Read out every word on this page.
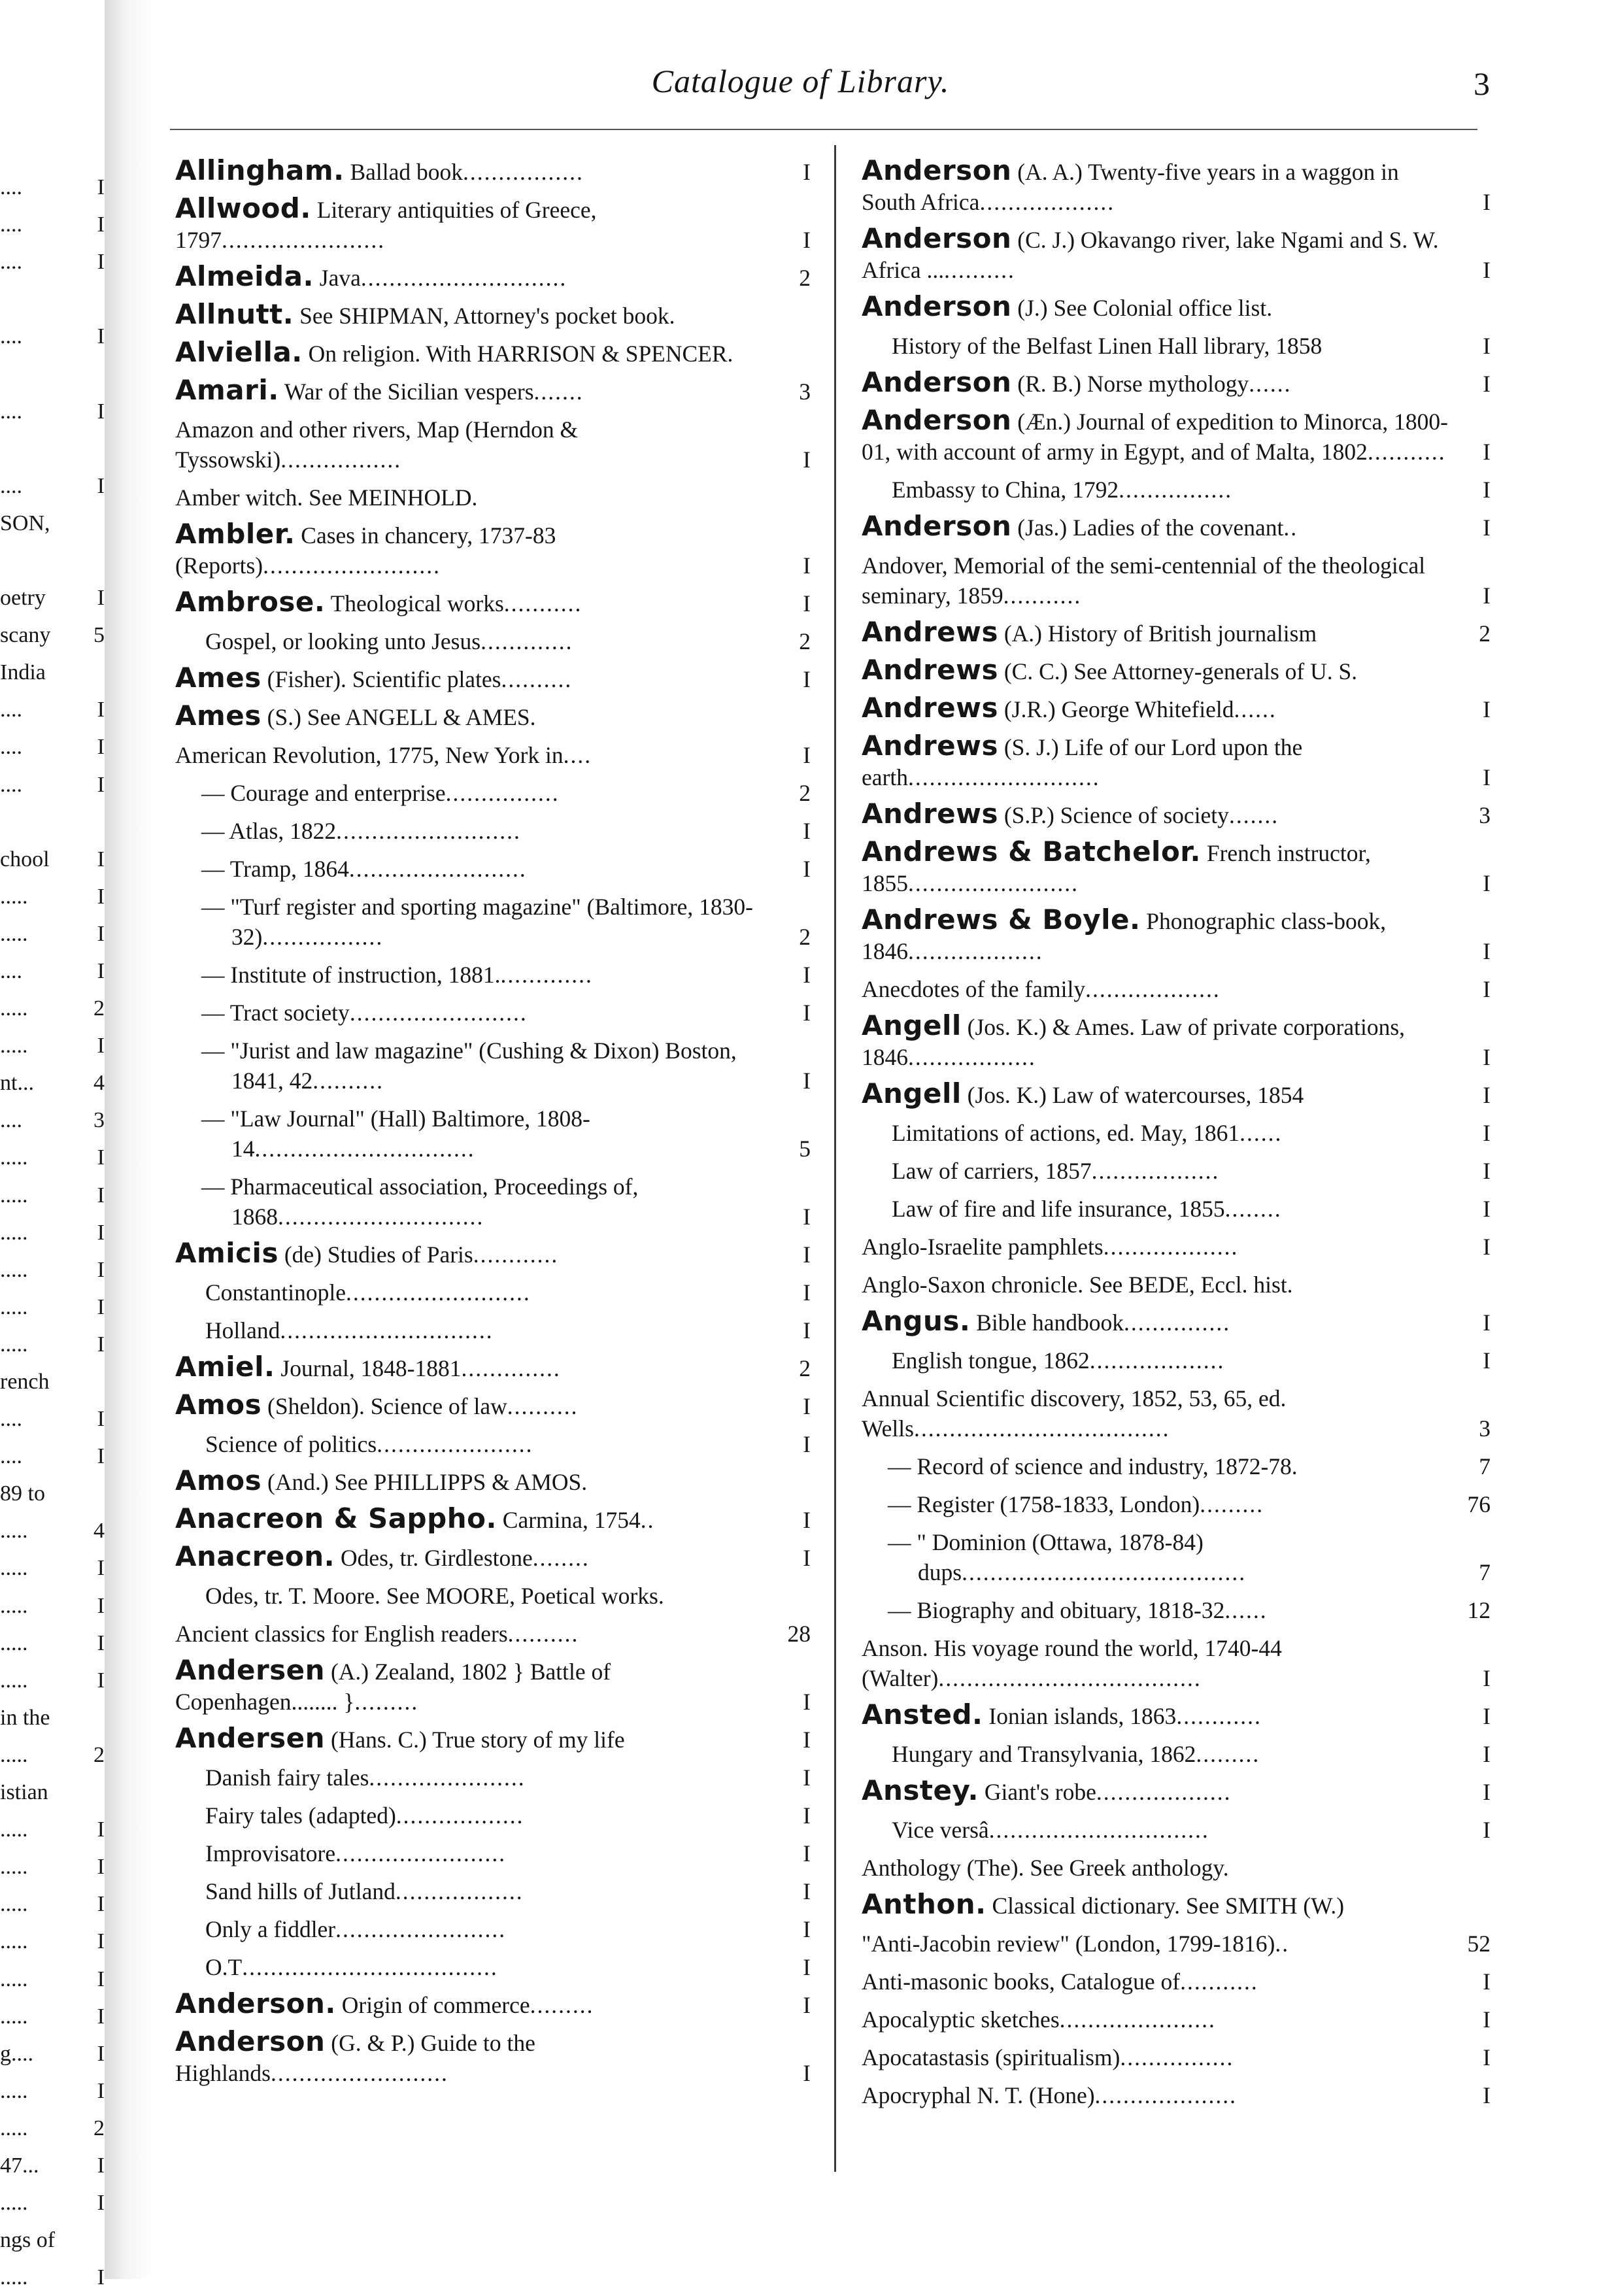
Catalogue of Library.	3
....	I
....	I
....	I
....	I
....	I
....	I
SON,
oetry I
scany 5
India
....	I
....	I
....	I
chool I
.....	I
.....	I
....	I
.....	2
.....	I
nt...	4
....	3
.....	I
.....	I
.....	I
.....	I
.....	I
.....	I
rench
....	I
....	I
89 to
.....	4
.....	I
.....	I
.....	I
.....	I
in the
.....	2
istian
.....	I
.....	I
.....	I
.....	I
.....	I
.....	I
g....	I
.....	I
.....	2
47...	I
.....	I
ngs of
.....	I
Allingham. Ballad book.................	I
Allwood. Literary antiquities of Greece, 1797.......................	I
Almeida. Java.............................	2
Allnutt. See SHIPMAN, Attorney's pocket book.
Alviella. On religion. With HARRISON & SPENCER.
Amari. War of the Sicilian vespers.......	3
Amazon and other rivers, Map (Herndon & Tyssowski).................	I
Amber witch. See MEINHOLD.
Ambler. Cases in chancery, 1737-83 (Reports).........................	I
Ambrose. Theological works...........	I
Gospel, or looking unto Jesus.............	2
Ames (Fisher). Scientific plates..........	I
Ames (S.) See ANGELL & AMES.
American Revolution, 1775, New York in....	I
— Courage and enterprise................	2
— Atlas, 1822..........................	I
— Tramp, 1864.........................	I
— "Turf register and sporting magazine" (Baltimore, 1830-32).................	2
— Institute of instruction, 1881..............	I
— Tract society.........................	I
— "Jurist and law magazine" (Cushing & Dixon) Boston, 1841, 42..........	I
— "Law Journal" (Hall) Baltimore, 1808-14...............................	5
— Pharmaceutical association, Proceedings of, 1868.............................	I
Amicis (de) Studies of Paris............	I
Constantinople..........................	I
Holland..............................	I
Amiel. Journal, 1848-1881..............	2
Amos (Sheldon). Science of law..........	I
Science of politics......................	I
Amos (And.) See PHILLIPPS & AMOS.
Anacreon & Sappho. Carmina, 1754..	I
Anacreon. Odes, tr. Girdlestone........	I
Odes, tr. T. Moore. See MOORE, Poetical works.
Ancient classics for English readers..........	28
Andersen (A.) Zealand, 1802 } Battle of Copenhagen........ }.........	I
Andersen (Hans. C.) True story of my life	I
Danish fairy tales......................	I
Fairy tales (adapted)..................	I
Improvisatore........................	I
Sand hills of Jutland..................	I
Only a fiddler........................	I
O.T....................................	I
Anderson. Origin of commerce.........	I
Anderson (G. & P.) Guide to the Highlands.........................	I
Anderson (A. A.) Twenty-five years in a waggon in South Africa...................	I
Anderson (C. J.) Okavango river, lake Ngami and S. W. Africa .............	I
Anderson (J.) See Colonial office list.
History of the Belfast Linen Hall library, 1858	I
Anderson (R. B.) Norse mythology......	I
Anderson (Æn.) Journal of expedition to Minorca, 1800-01, with account of army in Egypt, and of Malta, 1802...........	I
Embassy to China, 1792................	I
Anderson (Jas.) Ladies of the covenant..	I
Andover, Memorial of the semi-centennial of the theological seminary, 1859...........	I
Andrews (A.) History of British journalism	2
Andrews (C. C.) See Attorney-generals of U. S.
Andrews (J.R.) George Whitefield......	I
Andrews (S. J.) Life of our Lord upon the earth...........................	I
Andrews (S.P.) Science of society.......	3
Andrews & Batchelor. French instructor, 1855........................	I
Andrews & Boyle. Phonographic class-book, 1846...................	I
Anecdotes of the family...................	I
Angell (Jos. K.) & Ames. Law of private corporations, 1846..................	I
Angell (Jos. K.) Law of watercourses, 1854	I
Limitations of actions, ed. May, 1861......	I
Law of carriers, 1857..................	I
Law of fire and life insurance, 1855........	I
Anglo-Israelite pamphlets...................	I
Anglo-Saxon chronicle. See BEDE, Eccl. hist.
Angus. Bible handbook...............	I
English tongue, 1862...................	I
Annual Scientific discovery, 1852, 53, 65, ed. Wells....................................	3
— Record of science and industry, 1872-78.	7
— Register (1758-1833, London).........	76
— " Dominion (Ottawa, 1878-84) dups........................................	7
— Biography and obituary, 1818-32......	12
Anson. His voyage round the world, 1740-44 (Walter).....................................	I
Ansted. Ionian islands, 1863............	I
Hungary and Transylvania, 1862.........	I
Anstey. Giant's robe...................	I
Vice versâ...............................	I
Anthology (The). See Greek anthology.
Anthon. Classical dictionary. See SMITH (W.)
"Anti-Jacobin review" (London, 1799-1816)..	52
Anti-masonic books, Catalogue of...........	I
Apocalyptic sketches......................	I
Apocatastasis (spiritualism)................	I
Apocryphal N. T. (Hone)....................	I
